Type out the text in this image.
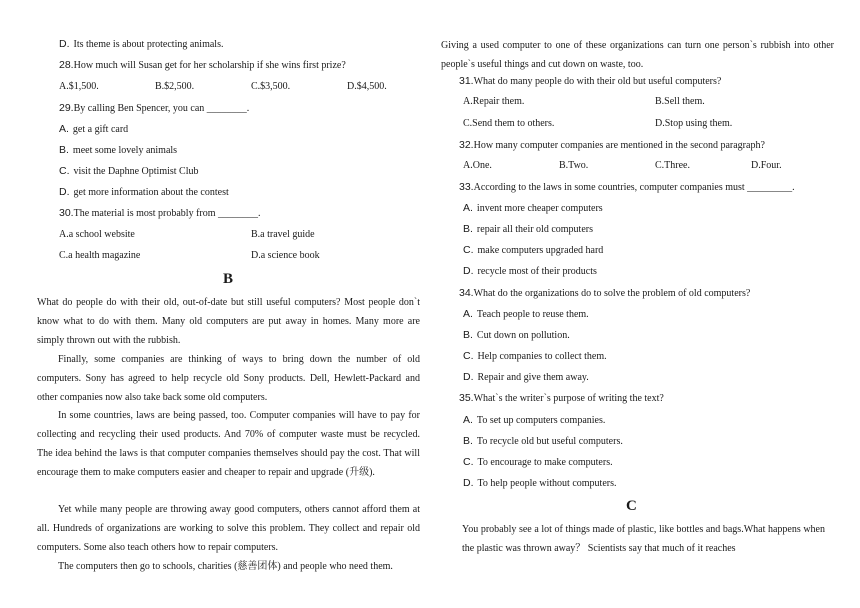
D. Its theme is about protecting animals.
28.How much will Susan get for her scholarship if she wins first prize?
A.$1,500.	B.$2,500.	C.$3,500.	D.$4,500.
29.By calling Ben Spencer, you can ________.
A. get a gift card
B. meet some lovely animals
C. visit the Daphne Optimist Club
D. get more information about the contest
30.The material is most probably from ________.
A.a school website	B.a travel guide
C.a health magazine	D.a science book
B
What do people do with their old, out-of-date but still useful computers? Most people don`t know what to do with them. Many old computers are put away in homes. Many more are simply thrown out with the rubbish.
Finally, some companies are thinking of ways to bring down the number of old computers. Sony has agreed to help recycle old Sony products. Dell, Hewlett-Packard and other companies now also take back some old computers.
In some countries, laws are being passed, too. Computer companies will have to pay for collecting and recycling their used products. And 70% of computer waste must be recycled. The idea behind the laws is that computer companies themselves should pay the cost. That will encourage them to make computers easier and cheaper to repair and upgrade (升级).
Yet while many people are throwing away good computers, others cannot afford them at all. Hundreds of organizations are working to solve this problem. They collect and repair old computers. Some also teach others how to repair computers.
The computers then go to schools, charities (慈善团体) and people who need them.
Giving a used computer to one of these organizations can turn one person`s rubbish into other people`s useful things and cut down on waste, too.
31.What do many people do with their old but useful computers?
A.Repair them.	B.Sell them.
C.Send them to others.	D.Stop using them.
32.How many computer companies are mentioned in the second paragraph?
A.One.	B.Two.	C.Three.	D.Four.
33.According to the laws in some countries, computer companies must _________.
A. invent more cheaper computers
B. repair all their old computers
C. make computers upgraded hard
D. recycle most of their products
34.What do the organizations do to solve the problem of old computers?
A. Teach people to reuse them.
B. Cut down on pollution.
C. Help companies to collect them.
D. Repair and give them away.
35.What`s the writer`s purpose of writing the text?
A. To set up computers companies.
B. To recycle old but useful computers.
C. To encourage to make computers.
D. To help people without computers.
C
You probably see a lot of things made of plastic, like bottles and bags.What happens when the plastic was thrown away？ Scientists say that much of it reaches
